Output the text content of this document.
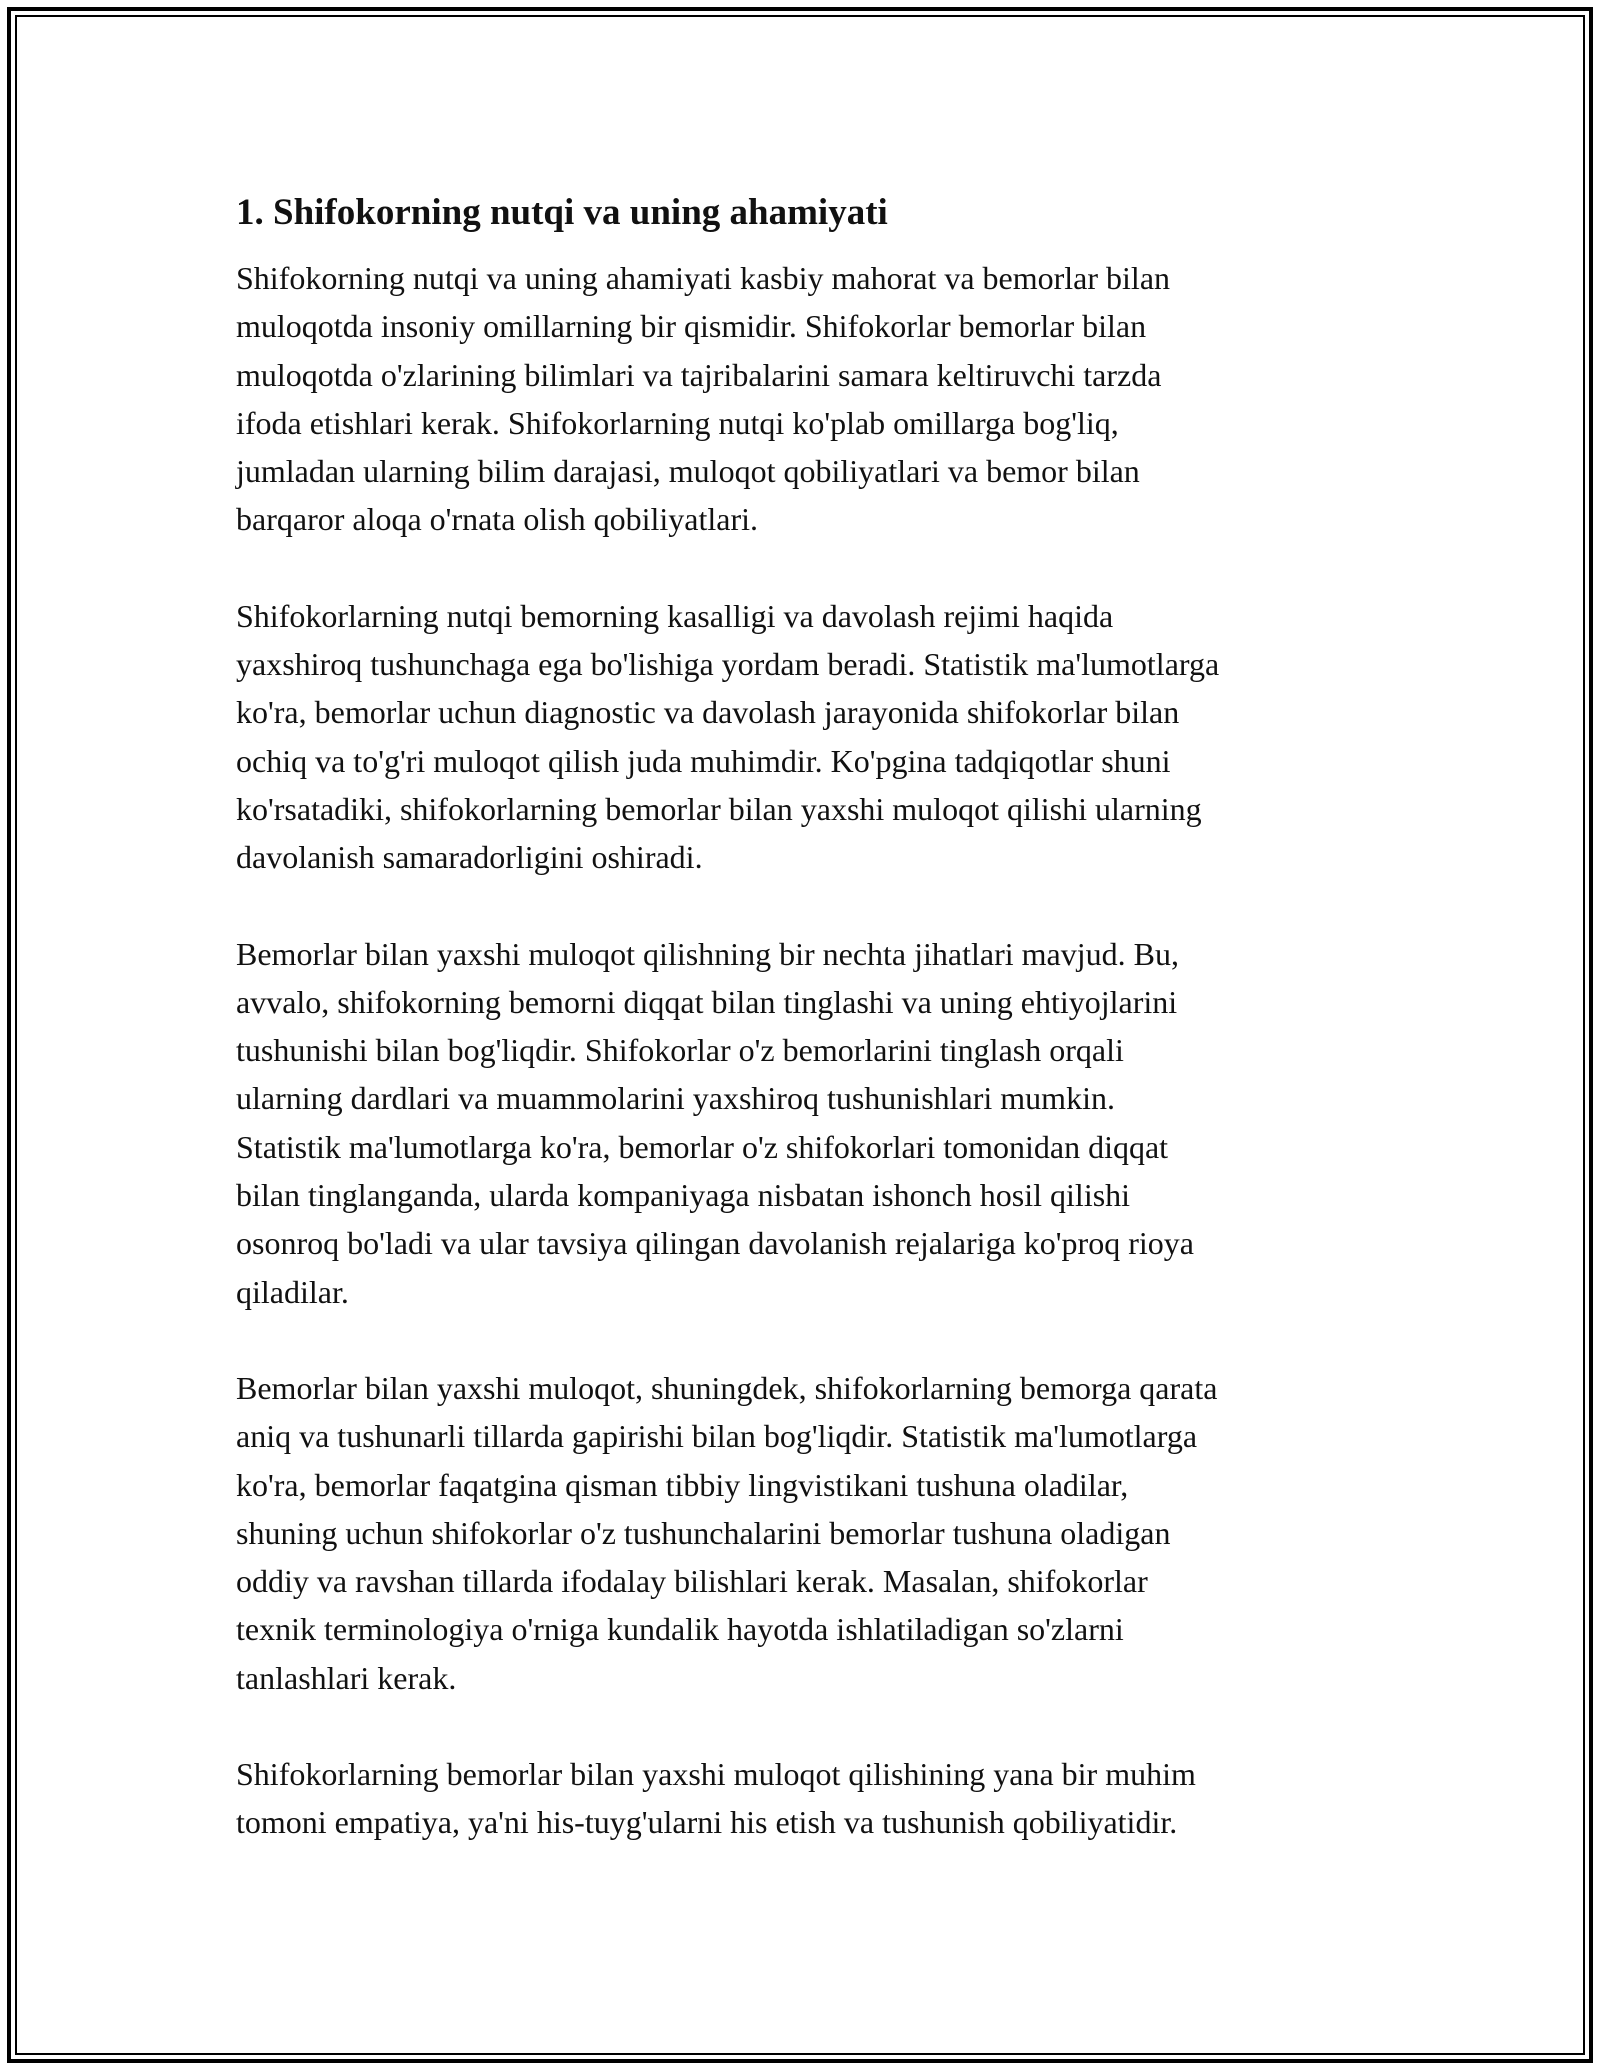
1. Shifokorning nutqi va uning ahamiyati

Shifokorning nutqi va uning ahamiyati kasbiy mahorat va bemorlar bilan
muloqotda insoniy omillarning bir qismidir. Shifokorlar bemorlar bilan
muloqotda o'zlarining bilimlari va tajribalarini samara keltiruvchi tarzda
ifoda etishlari kerak. Shifokorlarning nutqi ko'plab omillarga bog'liq,
jumladan ularning bilim darajasi, muloqot qobiliyatlari va bemor bilan
barqaror aloqa o'rnata olish qobiliyatlari.

Shifokorlarning nutqi bemorning kasalligi va davolash rejimi haqida
yaxshiroq tushunchaga ega bo'lishiga yordam beradi. Statistik ma'lumotlarga
ko'ra, bemorlar uchun diagnostic va davolash jarayonida shifokorlar bilan
ochiq va to'g'ri muloqot qilish juda muhimdir. Ko'pgina tadqiqotlar shuni
ko'rsatadiki, shifokorlarning bemorlar bilan yaxshi muloqot qilishi ularning
davolanish samaradorligini oshiradi.

Bemorlar bilan yaxshi muloqot qilishning bir nechta jihatlari mavjud. Bu,
avvalo, shifokorning bemorni diqqat bilan tinglashi va uning ehtiyojlarini
tushunishi bilan bog'liqdir. Shifokorlar o'z bemorlarini tinglash orqali
ularning dardlari va muammolarini yaxshiroq tushunishlari mumkin.
Statistik ma'lumotlarga ko'ra, bemorlar o'z shifokorlari tomonidan diqqat
bilan tinglanganda, ularda kompaniyaga nisbatan ishonch hosil qilishi
osonroq bo'ladi va ular tavsiya qilingan davolanish rejalariga ko'proq rioya
qiladilar.

Bemorlar bilan yaxshi muloqot, shuningdek, shifokorlarning bemorga qarata
aniq va tushunarli tillarda gapirishi bilan bog'liqdir. Statistik ma'lumotlarga
ko'ra, bemorlar faqatgina qisman tibbiy lingvistikani tushuna oladilar,
shuning uchun shifokorlar o'z tushunchalarini bemorlar tushuna oladigan
oddiy va ravshan tillarda ifodalay bilishlari kerak. Masalan, shifokorlar
texnik terminologiya o'rniga kundalik hayotda ishlatiladigan so'zlarni
tanlashlari kerak.

Shifokorlarning bemorlar bilan yaxshi muloqot qilishining yana bir muhim
tomoni empatiya, ya'ni his-tuyg'ularni his etish va tushunish qobiliyatidir.
